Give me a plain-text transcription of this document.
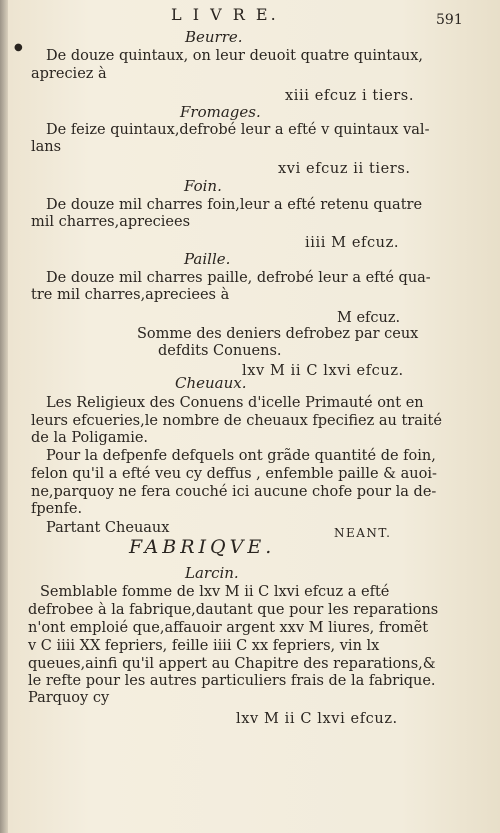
●
L I V R E.	591
Beurre.
De douze quintaux, on leur deuoit quatre quintaux,
apreciez à
xiii efcuz i tiers.
Fromages.
De feize quintaux,defrobé leur a efté v quintaux val-
lans
xvi efcuz ii tiers.
Foin.
De douze mil charres foin,leur a efté retenu quatre
mil charres,apreciees
iiii M efcuz.
Paille.
De douze mil charres paille, defrobé leur a efté qua-
tre mil charres,apreciees à
M efcuz.
Somme des deniers defrobez par ceux
defdits Conuens.
lxv M ii C lxvi efcuz.
Cheuaux.
Les Religieux des Conuens d'icelle Primauté ont en
leurs efcueries,le nombre de cheuaux fpecifiez au traité
de la Poligamie.
Pour la defpenfe defquels ont grãde quantité de foin,
felon qu'il a efté veu cy deffus , enfemble paille & auoi-
ne,parquoy ne fera couché ici aucune chofe pour la de-
fpenfe.
Partant Cheuaux	NEANT.
FABRIQVE.
Larcin.
Semblable fomme de lxv M ii C lxvi efcuz a efté
defrobee à la fabrique,dautant que pour les reparations
n'ont emploié que,affauoir argent xxv M liures, fromẽt
v C iiii XX fepriers, feille iiii C xx fepriers, vin lx
queues,ainfi qu'il appert au Chapitre des reparations,&
le refte pour les autres particuliers frais de la fabrique.
Parquoy cy
lxv M ii C lxvi efcuz.
